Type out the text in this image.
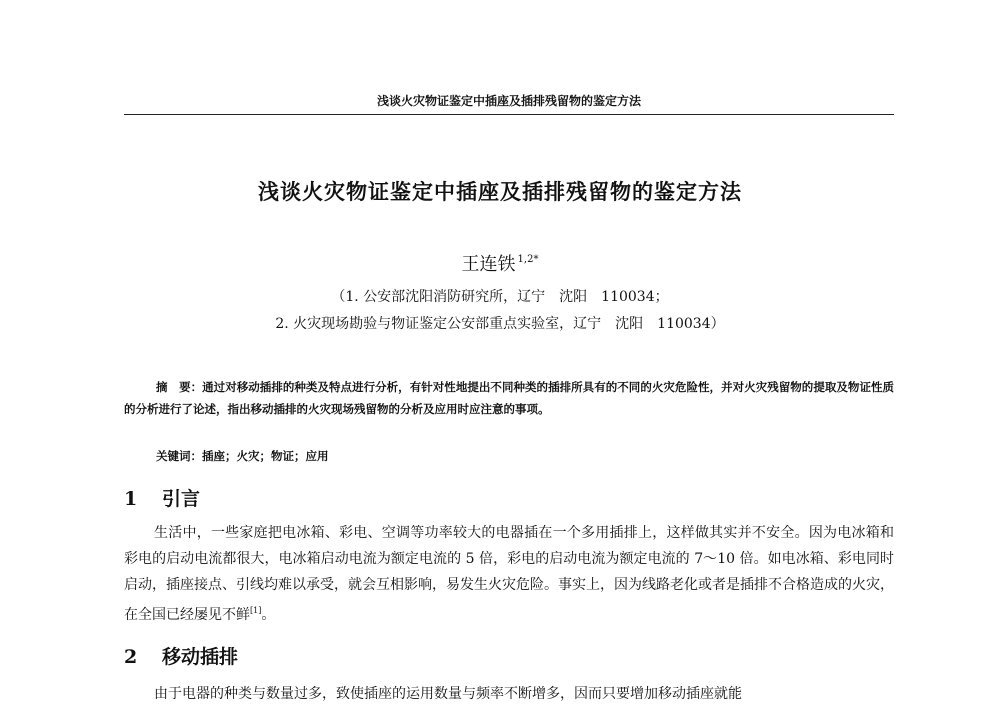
浅谈火灾物证鉴定中插座及插排残留物的鉴定方法
浅谈火灾物证鉴定中插座及插排残留物的鉴定方法
王连铁 $^{1,2*}$
（1. 公安部沈阳消防研究所，辽宁　沈阳　110034；
2. 火灾现场勘验与物证鉴定公安部重点实验室，辽宁　沈阳　110034）
摘　要：通过对移动插排的种类及特点进行分析，有针对性地提出不同种类的插排所具有的不同的火灾危险性，并对火灾残留物的提取及物证性质的分析进行了论述，指出移动插排的火灾现场残留物的分析及应用时应注意的事项。
关键词：插座；火灾；物证；应用
1 引言
生活中，一些家庭把电冰箱、彩电、空调等功率较大的电器插在一个多用插排上，这样做其实并不安全。因为电冰箱和彩电的启动电流都很大，电冰箱启动电流为额定电流的 5 倍，彩电的启动电流为额定电流的 7～10 倍。如电冰箱、彩电同时启动，插座接点、引线均难以承受，就会互相影响，易发生火灾危险。事实上，因为线路老化或者是插排不合格造成的火灾，在全国已经屡见不鲜[1]。
2 移动插排
由于电器的种类与数量过多，致使插座的运用数量与频率不断增多，因而只要增加移动插座就能
